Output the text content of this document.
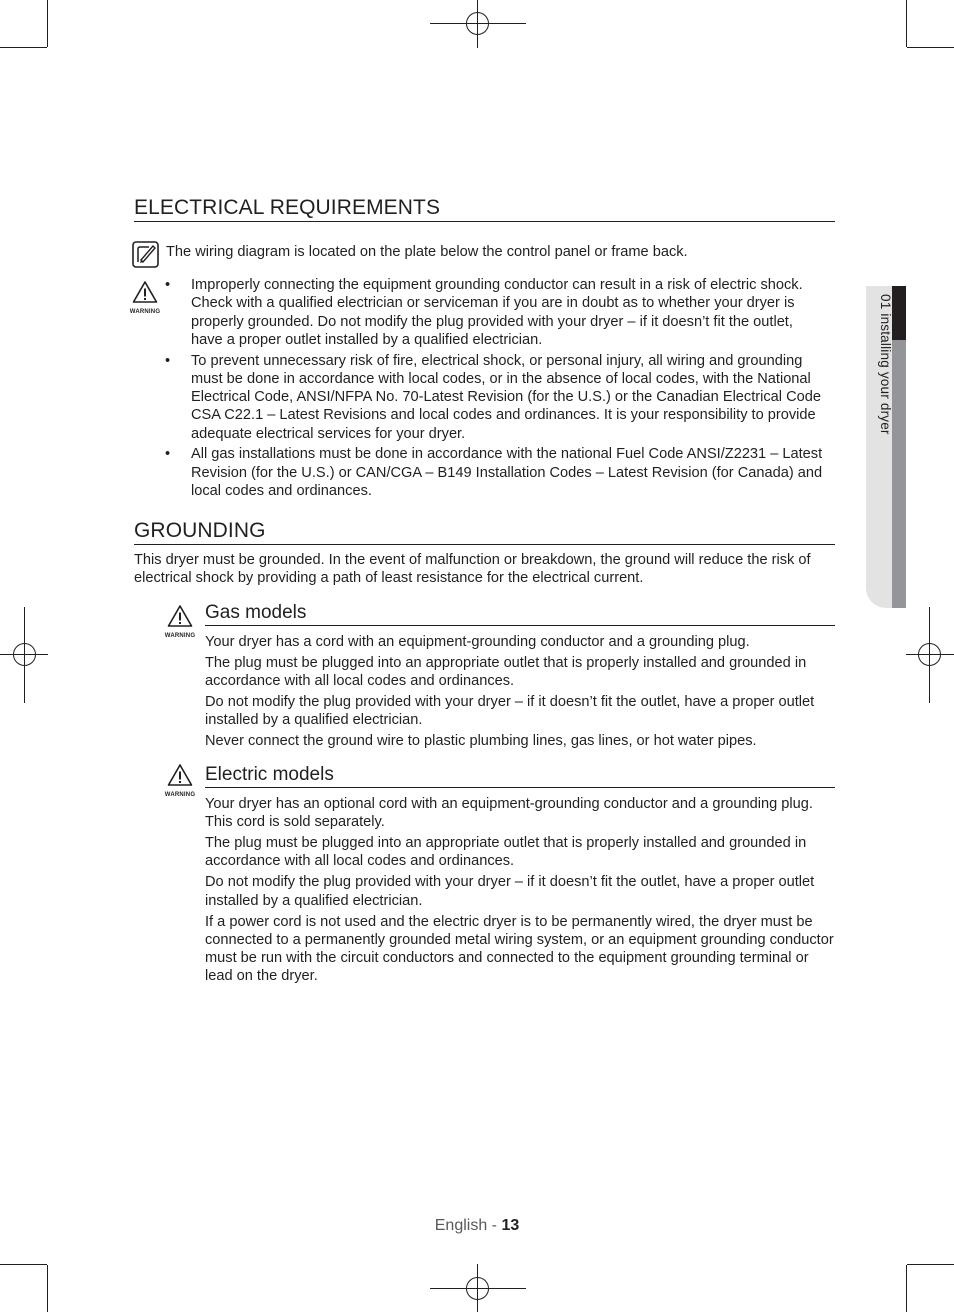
01 installing your dryer
ELECTRICAL REQUIREMENTS
The wiring diagram is located on the plate below the control panel or frame back.
WARNING
• Improperly connecting the equipment grounding conductor can result in a risk of electric shock. Check with a qualified electrician or serviceman if you are in doubt as to whether your dryer is properly grounded. Do not modify the plug provided with your dryer – if it doesn’t fit the outlet, have a proper outlet installed by a qualified electrician.
• To prevent unnecessary risk of fire, electrical shock, or personal injury, all wiring and grounding must be done in accordance with local codes, or in the absence of local codes, with the National Electrical Code, ANSI/NFPA No. 70-Latest Revision (for the U.S.) or the Canadian Electrical Code CSA C22.1 – Latest Revisions and local codes and ordinances. It is your responsibility to provide adequate electrical services for your dryer.
• All gas installations must be done in accordance with the national Fuel Code ANSI/Z2231 – Latest Revision (for the U.S.) or CAN/CGA – B149 Installation Codes – Latest Revision (for Canada) and local codes and ordinances.
GROUNDING
This dryer must be grounded. In the event of malfunction or breakdown, the ground will reduce the risk of electrical shock by providing a path of least resistance for the electrical current.
WARNING
Gas models

Your dryer has a cord with an equipment-grounding conductor and a grounding plug.

The plug must be plugged into an appropriate outlet that is properly installed and grounded in accordance with all local codes and ordinances.

Do not modify the plug provided with your dryer – if it doesn’t fit the outlet, have a proper outlet installed by a qualified electrician.

Never connect the ground wire to plastic plumbing lines, gas lines, or hot water pipes.

WARNING
Electric models

Your dryer has an optional cord with an equipment-grounding conductor and a grounding plug. This cord is sold separately.

The plug must be plugged into an appropriate outlet that is properly installed and grounded in accordance with all local codes and ordinances.

Do not modify the plug provided with your dryer – if it doesn’t fit the outlet, have a proper outlet installed by a qualified electrician.

If a power cord is not used and the electric dryer is to be permanently wired, the dryer must be connected to a permanently grounded metal wiring system, or an equipment grounding conductor must be run with the circuit conductors and connected to the equipment grounding terminal or lead on the dryer.

English - 13
